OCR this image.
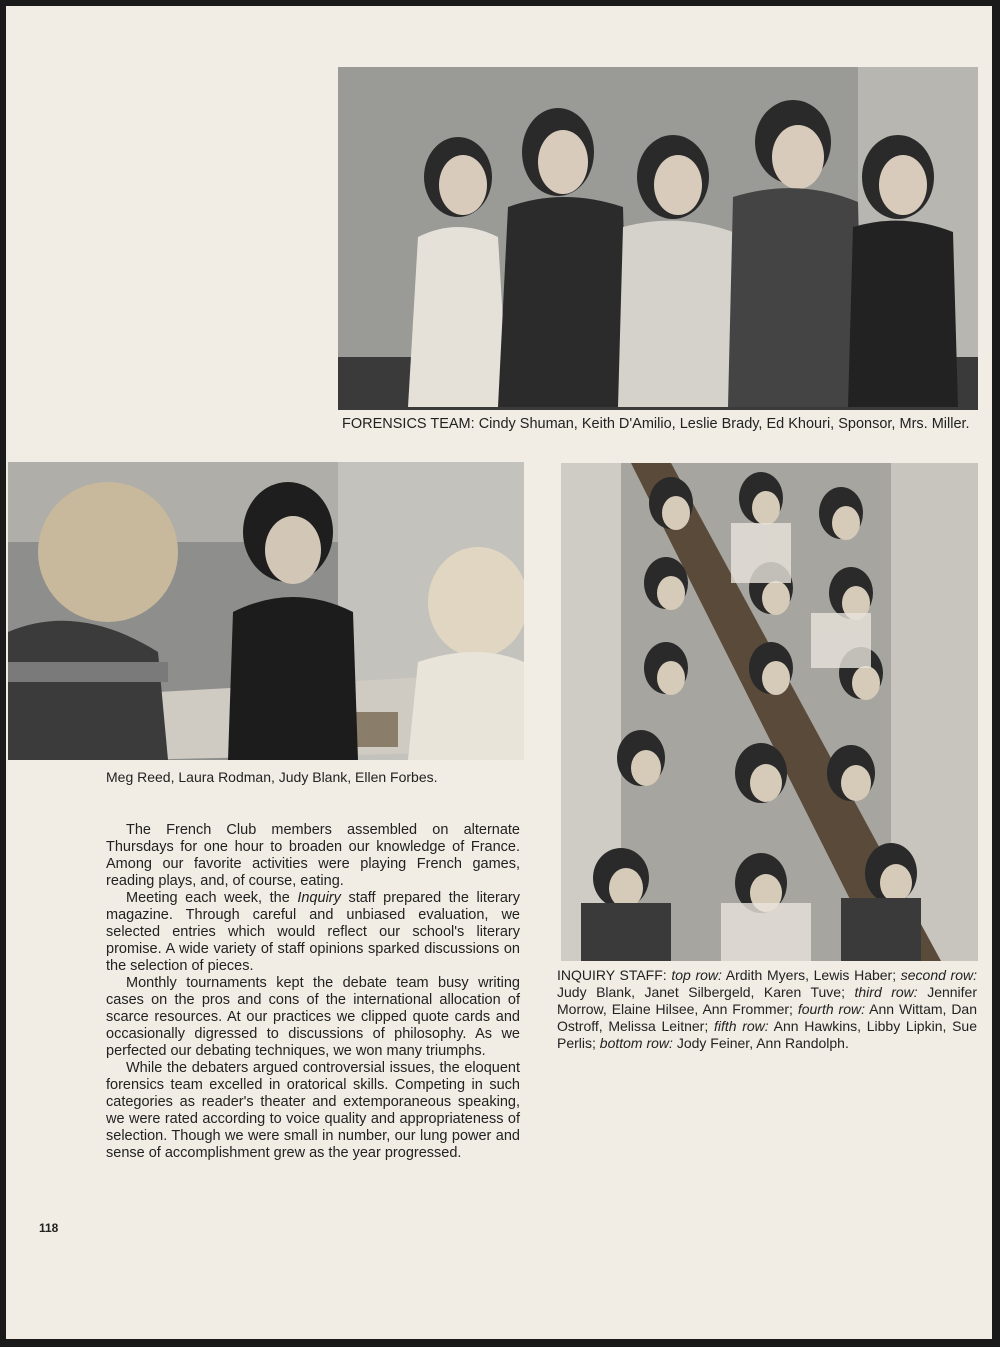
FORENSICS TEAM: Cindy Shuman, Keith D'Amilio, Leslie Brady, Ed Khouri, Sponsor, Mrs. Miller.
Meg Reed, Laura Rodman, Judy Blank, Ellen Forbes.
INQUIRY STAFF: top row: Ardith Myers, Lewis Haber; second row: Judy Blank, Janet Silbergeld, Karen Tuve; third row: Jennifer Morrow, Elaine Hilsee, Ann Frommer; fourth row: Ann Wittam, Dan Ostroff, Melissa Leitner; fifth row: Ann Hawkins, Libby Lipkin, Sue Perlis; bottom row: Jody Feiner, Ann Randolph.

The French Club members assembled on alternate Thursdays for one hour to broaden our knowledge of France. Among our favorite activities were playing French games, reading plays, and, of course, eating.

Meeting each week, the Inquiry staff prepared the literary magazine. Through careful and unbiased evaluation, we selected entries which would reflect our school's literary promise. A wide variety of staff opinions sparked discussions on the selection of pieces.

Monthly tournaments kept the debate team busy writing cases on the pros and cons of the international allocation of scarce resources. At our practices we clipped quote cards and occasionally digressed to discussions of philosophy. As we perfected our debating techniques, we won many triumphs.

While the debaters argued controversial issues, the eloquent forensics team excelled in oratorical skills. Competing in such categories as reader's theater and extemporaneous speaking, we were rated according to voice quality and appropriateness of selection. Though we were small in number, our lung power and sense of accomplishment grew as the year progressed.

118
